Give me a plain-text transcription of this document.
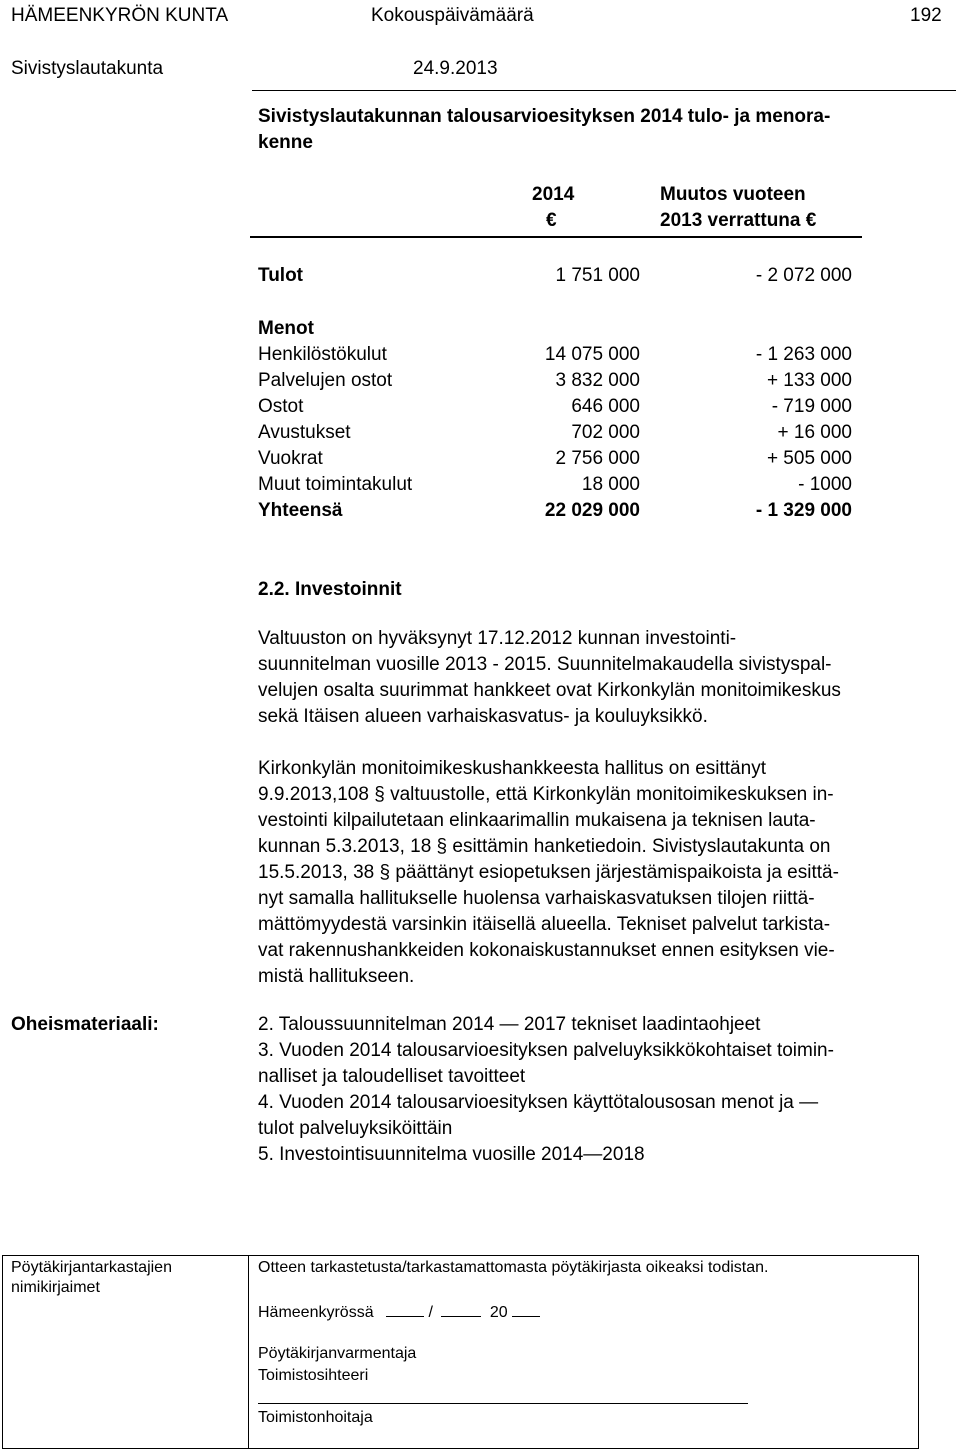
HÄMEENKYRÖN KUNTA	Kokouspäivämäärä	192
Sivistyslautakunta	24.9.2013
Sivistyslautakunnan talousarvioesityksen 2014 tulo- ja menora-
kenne
2014
€
Muutos vuoteen
2013 verrattuna €
Tulot	1 751 000	- 2 072 000
Menot
Henkilöstökulut	14 075 000	- 1 263 000
Palvelujen ostot	3 832 000	+ 133 000
Ostot	646 000	- 719 000
Avustukset	702 000	+ 16 000
Vuokrat	2 756 000	+ 505 000
Muut toimintakulut	18 000	- 1000
Yhteensä	22 029 000	- 1 329 000
2.2. Investoinnit
Valtuuston on hyväksynyt 17.12.2012 kunnan investointi-
suunnitelman vuosille 2013 - 2015. Suunnitelmakaudella sivistyspal-
velujen osalta suurimmat hankkeet ovat Kirkonkylän monitoimikeskus
sekä Itäisen alueen varhaiskasvatus- ja kouluyksikkö.
Kirkonkylän monitoimikeskushankkeesta hallitus on esittänyt
9.9.2013,108 § valtuustolle, että Kirkonkylän monitoimikeskuksen in-
vestointi kilpailutetaan elinkaarimallin mukaisena ja teknisen lauta-
kunnan 5.3.2013, 18 § esittämin hanketiedoin. Sivistyslautakunta on
15.5.2013, 38 § päättänyt esiopetuksen järjestämispaikoista ja esittä-
nyt samalla hallitukselle huolensa varhaiskasvatuksen tilojen riittä-
mättömyydestä varsinkin itäisellä alueella. Tekniset palvelut tarkista-
vat rakennushankkeiden kokonaiskustannukset ennen esityksen vie-
mistä hallitukseen.
Oheismateriaali:	2. Taloussuunnitelman 2014 — 2017 tekniset laadintaohjeet
3. Vuoden 2014 talousarvioesityksen palveluyksikkökohtaiset toimin-
nalliset ja taloudelliset tavoitteet
4. Vuoden 2014 talousarvioesityksen käyttötalousosan menot ja —
tulot palveluyksiköittäin
5. Investointisuunnitelma vuosille 2014—2018
Pöytäkirjantarkastajien
nimikirjaimet
Otteen tarkastetusta/tarkastamattomasta pöytäkirjasta oikeaksi todistan.
Hämeenkyrössä	/	20
Pöytäkirjanvarmentaja
Toimistosihteeri
Toimistonhoitaja
